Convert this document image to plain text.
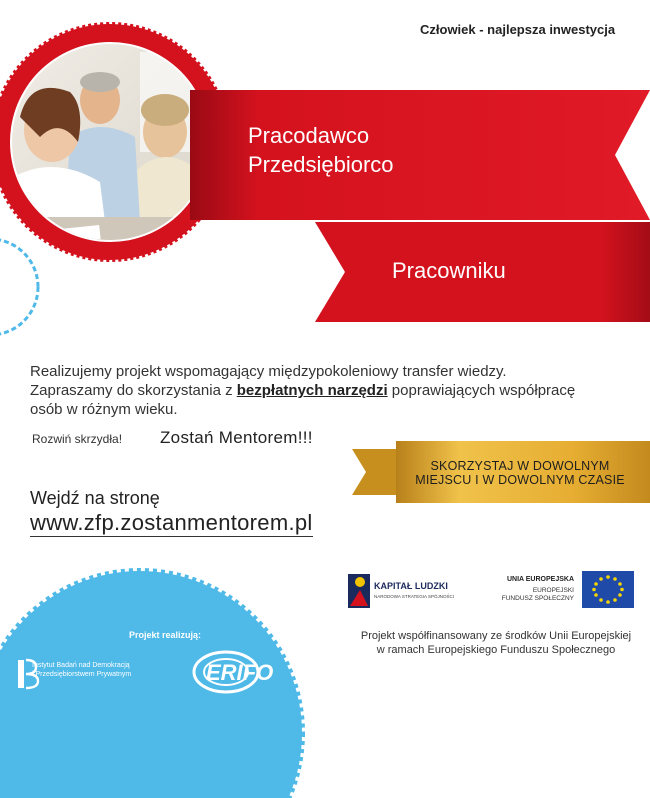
Człowiek - najlepsza inwestycja
Pracodawco
Przedsiębiorco
Pracowniku
Realizujemy projekt wspomagający międzypokoleniowy transfer wiedzy.
Zapraszamy do skorzystania z bezpłatnych narzędzi poprawiających współpracę
osób w różnym wieku.
Rozwiń skrzydła! Zostań Mentorem!!!
SKORZYSTAJ W DOWOLNYM
MIEJSCU I W DOWOLNYM CZASIE
Wejdź na stronę
www.zfp.zostanmentorem.pl
Projekt realizują:
Instytut Badań nad Demokracją
i Przedsiębiorstwem Prywatnym	ERIFO
KAPITAŁ LUDZKI
NARODOWA STRATEGIA SPÓJNOŚCI
UNIA EUROPEJSKA
EUROPEJSKI
FUNDUSZ SPOŁECZNY
Projekt współfinansowany ze środków Unii Europejskiej
w ramach Europejskiego Funduszu Społecznego
